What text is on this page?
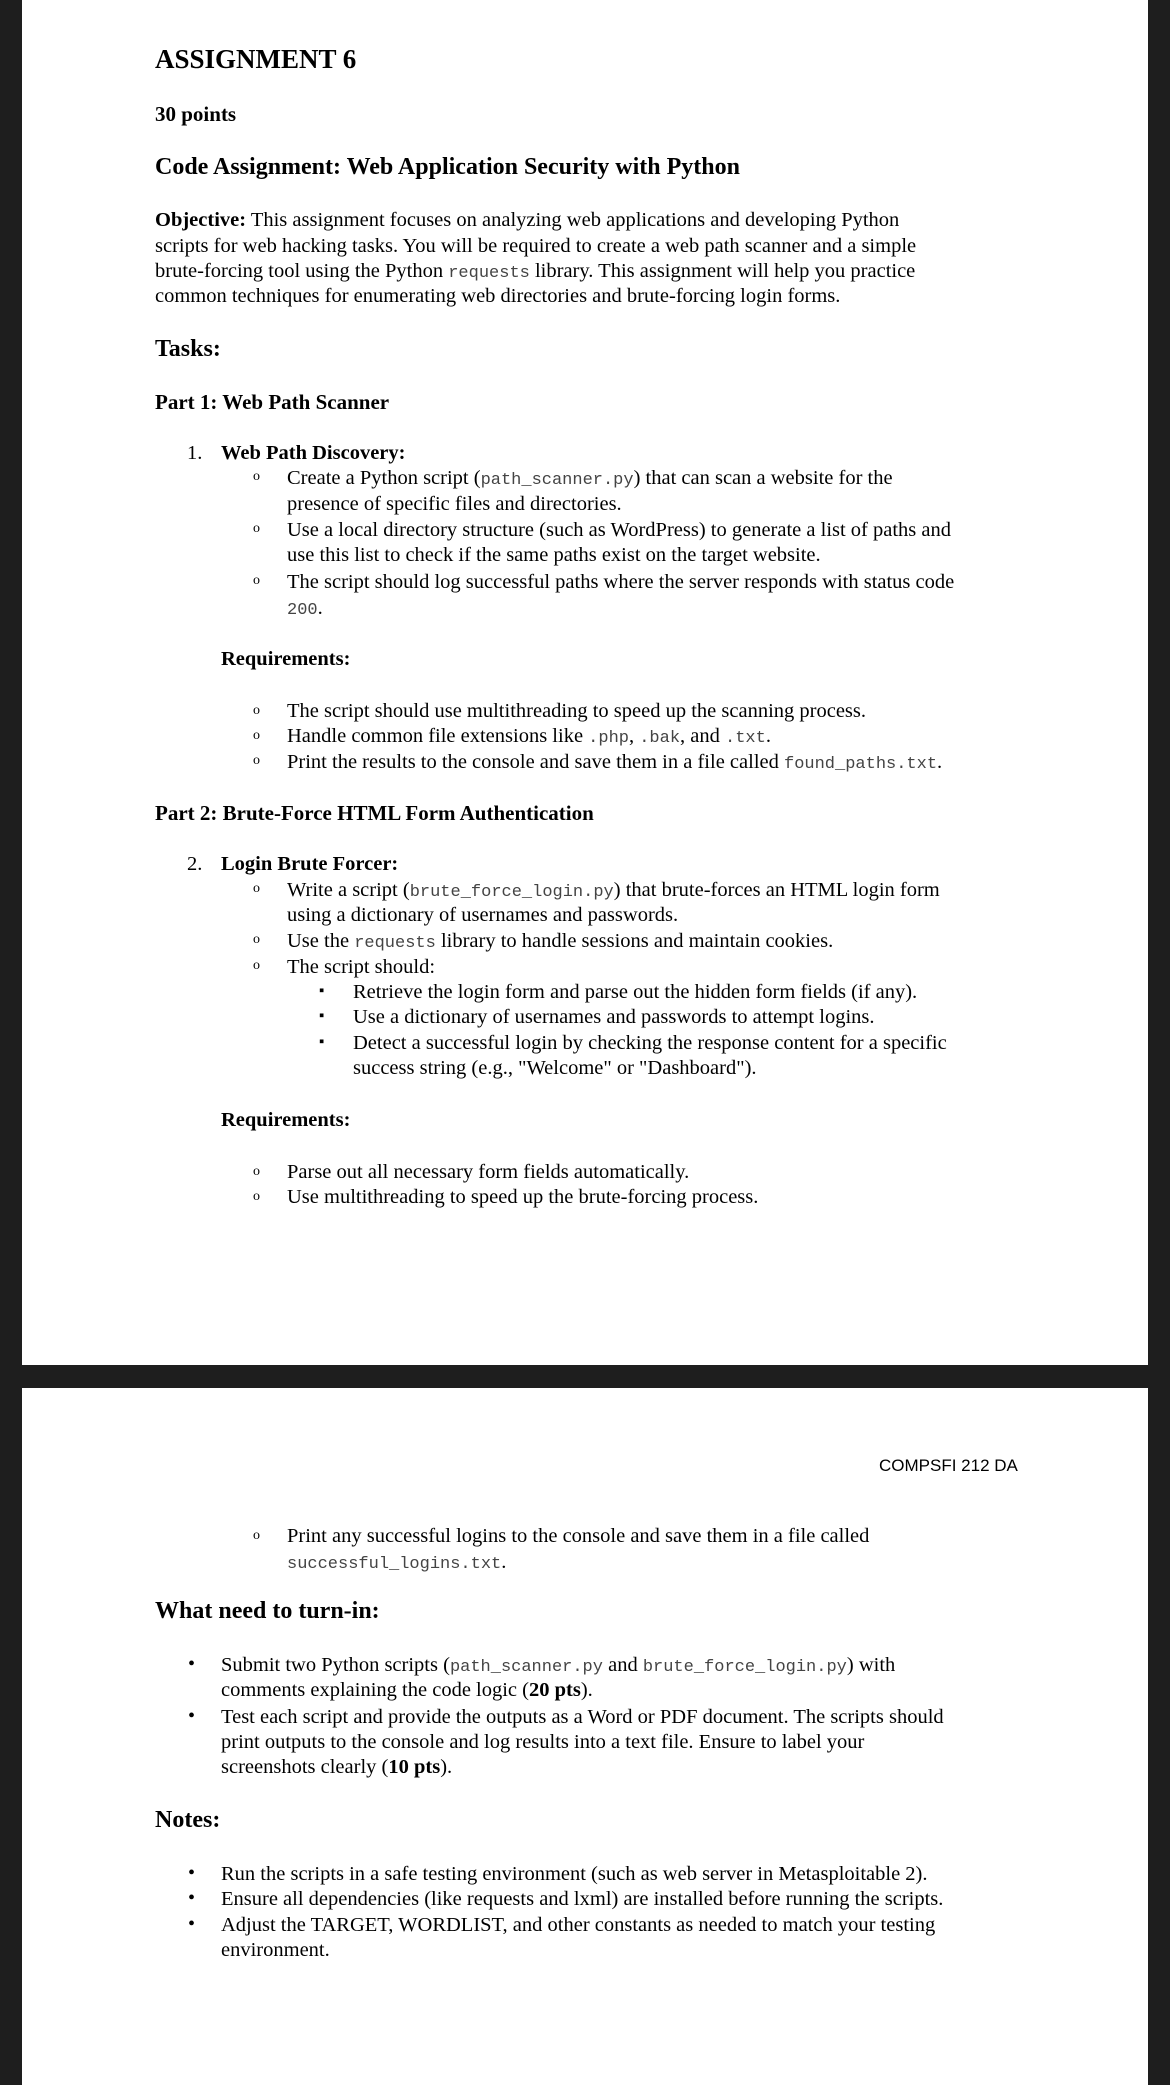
ASSIGNMENT 6
30 points
Code Assignment: Web Application Security with Python
Objective: This assignment focuses on analyzing web applications and developing Python
scripts for web hacking tasks. You will be required to create a web path scanner and a simple
brute-forcing tool using the Python requests library. This assignment will help you practice
common techniques for enumerating web directories and brute-forcing login forms.
Tasks:
Part 1: Web Path Scanner
1. Web Path Discovery:
o Create a Python script (path_scanner.py) that can scan a website for the
presence of specific files and directories.
o Use a local directory structure (such as WordPress) to generate a list of paths and
use this list to check if the same paths exist on the target website.
o The script should log successful paths where the server responds with status code
200.
Requirements:
o The script should use multithreading to speed up the scanning process.
o Handle common file extensions like .php, .bak, and .txt.
o Print the results to the console and save them in a file called found_paths.txt.
Part 2: Brute-Force HTML Form Authentication
2. Login Brute Forcer:
o Write a script (brute_force_login.py) that brute-forces an HTML login form
using a dictionary of usernames and passwords.
o Use the requests library to handle sessions and maintain cookies.
o The script should:
▪ Retrieve the login form and parse out the hidden form fields (if any).
▪ Use a dictionary of usernames and passwords to attempt logins.
▪ Detect a successful login by checking the response content for a specific
success string (e.g., "Welcome" or "Dashboard").
Requirements:
o Parse out all necessary form fields automatically.
o Use multithreading to speed up the brute-forcing process.
COMPSFI 212 DA
o Print any successful logins to the console and save them in a file called
successful_logins.txt.
What need to turn-in:
• Submit two Python scripts (path_scanner.py and brute_force_login.py) with
comments explaining the code logic (20 pts).
• Test each script and provide the outputs as a Word or PDF document. The scripts should
print outputs to the console and log results into a text file. Ensure to label your
screenshots clearly (10 pts).
Notes:
• Run the scripts in a safe testing environment (such as web server in Metasploitable 2).
• Ensure all dependencies (like requests and lxml) are installed before running the scripts.
• Adjust the TARGET, WORDLIST, and other constants as needed to match your testing
environment.
